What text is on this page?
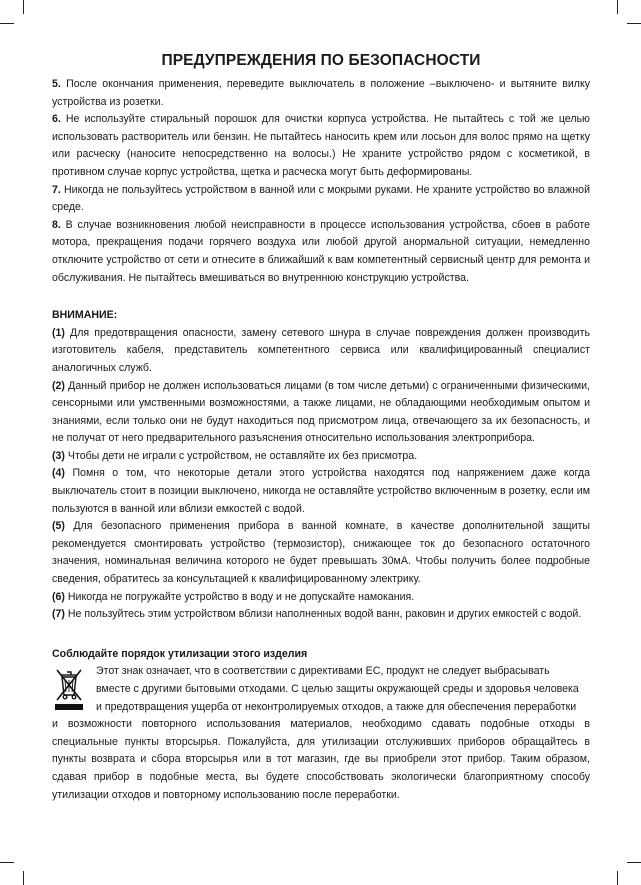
ПРЕДУПРЕЖДЕНИЯ ПО БЕЗОПАСНОСТИ

5. После окончания применения, переведите выключатель в положение –выключено- и вытяните вилку устройства из розетки.

6. Не используйте стиральный порошок для очистки корпуса устройства. Не пытайтесь с той же целью использовать растворитель или бензин. Не пытайтесь наносить крем или лосьон для волос прямо на щетку или расческу (наносите непосредственно на волосы.) Не храните устройство рядом с косметикой, в противном случае корпус устройства, щетка и расческа могут быть деформированы.

7. Никогда не пользуйтесь устройством в ванной или с мокрыми руками. Не храните устройство во влажной среде.

8. В случае возникновения любой неисправности в процессе использования устройства, сбоев в работе мотора, прекращения подачи горячего воздуха или любой другой анормальной ситуации, немедленно отключите устройство от сети и отнесите в ближайший к вам компетентный сервисный центр для ремонта и обслуживания. Не пытайтесь вмешиваться во внутреннюю конструкцию устройства.

ВНИМАНИЕ:

(1) Для предотвращения опасности, замену сетевого шнура в случае повреждения должен производить изготовитель кабеля, представитель компетентного сервиса или квалифицированный специалист аналогичных служб.

(2) Данный прибор не должен использоваться лицами (в том числе детьми) с ограниченными физическими, сенсорными или умственными возможностями, а также лицами, не обладающими необходимым опытом и знаниями, если только они не будут находиться под присмотром лица, отвечающего за их безопасность, и не получат от него предварительного разъяснения относительно использования электроприбора.

(3) Чтобы дети не играли с устройством, не оставляйте их без присмотра.

(4) Помня о том, что некоторые детали этого устройства находятся под напряжением даже когда выключатель стоит в позиции выключено, никогда не оставляйте устройство включенным в розетку, если им пользуются в ванной или вблизи емкостей с водой.

(5) Для безопасного применения прибора в ванной комнате, в качестве дополнительной защиты рекомендуется смонтировать устройство (термозистор), снижающее ток до безопасного остаточного значения, номинальная величина которого не будет превышать 30мА. Чтобы получить более подробные сведения, обратитесь за консультацией к квалифицированному электрику.

(6) Никогда не погружайте устройство в воду и не допускайте намокания.

(7) Не пользуйтесь этим устройством вблизи наполненных водой ванн, раковин и других емкостей с водой.

Соблюдайте порядок утилизации этого изделия

Этот знак означает, что в соответствии с директивами ЕС, продукт не следует выбрасывать

вместе с другими бытовыми отходами. С целью защиты окружающей среды и здоровья человека

и предотвращения ущерба от неконтролируемых отходов, а также для обеспечения переработки

и возможности повторного использования материалов, необходимо сдавать подобные отходы в специальные пункты вторсырья. Пожалуйста, для утилизации отслуживших приборов обращайтесь в пункты возврата и сбора вторсырья или в тот магазин, где вы приобрели этот прибор. Таким образом, сдавая прибор в подобные места, вы будете способствовать экологически благоприятному способу утилизации отходов и повторному использованию после переработки.
